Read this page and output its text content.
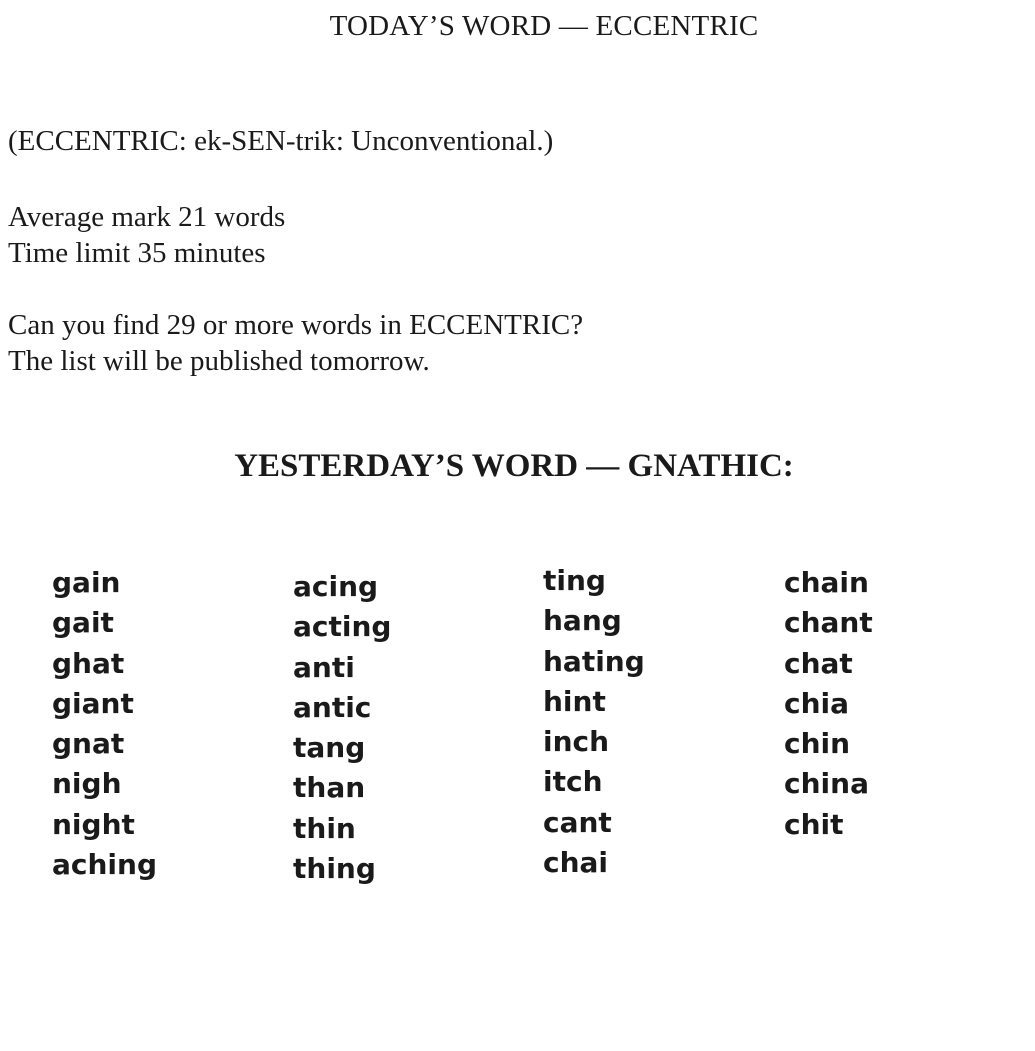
TODAY’S WORD — ECCENTRIC
(ECCENTRIC: ek-SEN-trik: Unconventional.)
Average mark 21 words
Time limit 35 minutes
Can you find 29 or more words in ECCENTRIC?
The list will be published tomorrow.
YESTERDAY’S WORD — GNATHIC:
gain
gait
ghat
giant
gnat
nigh
night
aching
acing
acting
anti
antic
tang
than
thin
thing
ting
hang
hating
hint
inch
itch
cant
chai
chain
chant
chat
chia
chin
china
chit
